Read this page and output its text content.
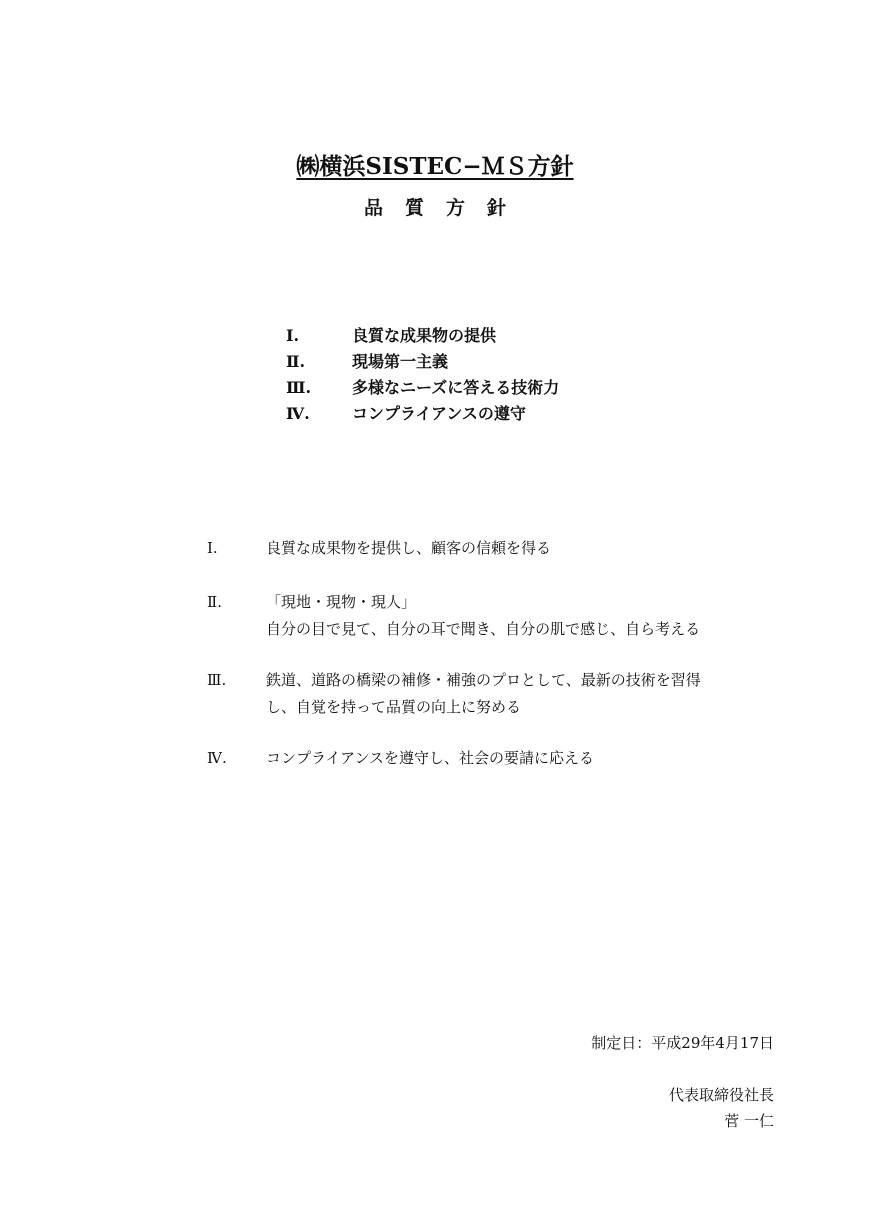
㈱横浜SISTEC−ＭＳ方針
品質方針
Ⅰ.	良質な成果物の提供
Ⅱ.	現場第一主義
Ⅲ.	多様なニーズに答える技術力
Ⅳ.	コンプライアンスの遵守
Ⅰ.	良質な成果物を提供し、顧客の信頼を得る
Ⅱ.	「現地・現物・現人」
自分の目で見て、自分の耳で聞き、自分の肌で感じ、自ら考える
Ⅲ.	鉄道、道路の橋梁の補修・補強のプロとして、最新の技術を習得
し、自覚を持って品質の向上に努める
Ⅳ.	コンプライアンスを遵守し、社会の要請に応える
制定日：平成29年4月17日
代表取締役社長
菅 一仁
